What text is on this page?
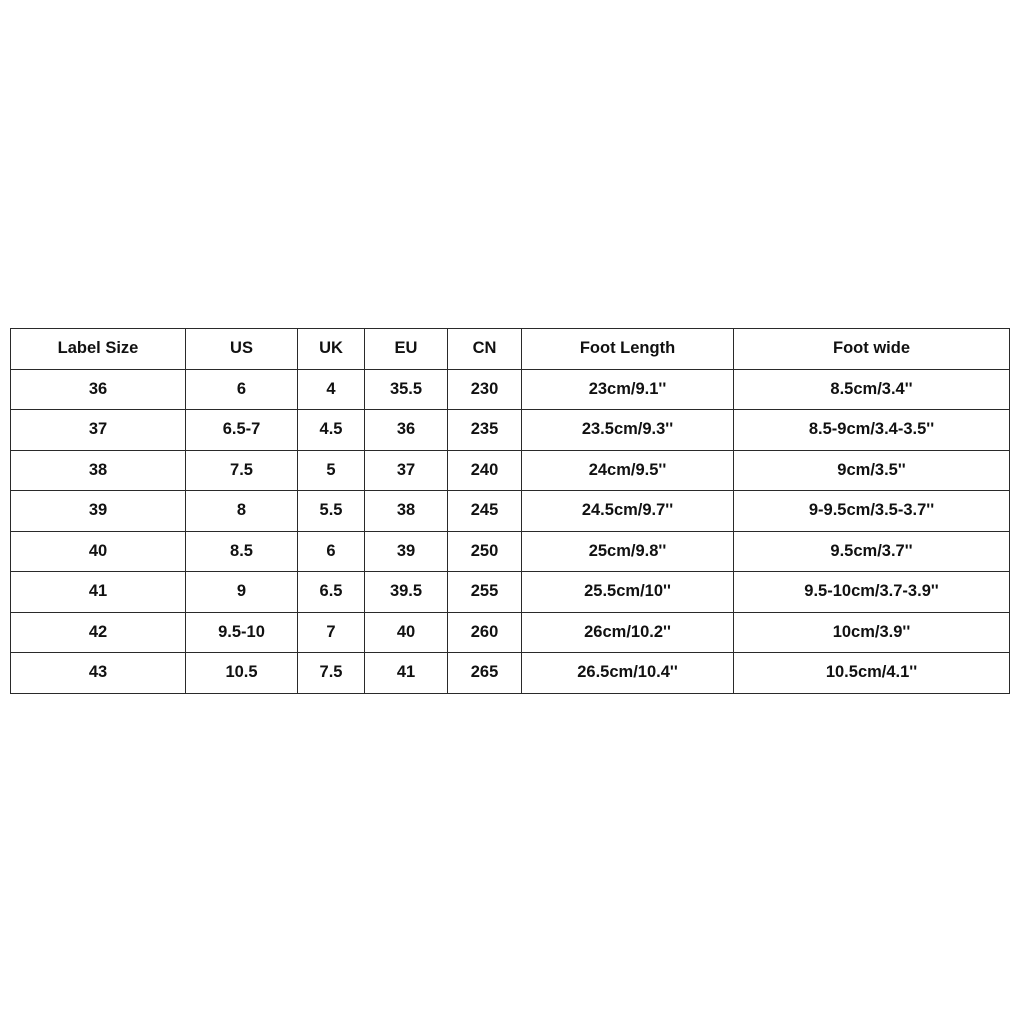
Label Size	US	UK	EU	CN	Foot Length	Foot wide
36	6	4	35.5	230	23cm/9.1''	8.5cm/3.4''
37	6.5-7	4.5	36	235	23.5cm/9.3''	8.5-9cm/3.4-3.5''
38	7.5	5	37	240	24cm/9.5''	9cm/3.5''
39	8	5.5	38	245	24.5cm/9.7''	9-9.5cm/3.5-3.7''
40	8.5	6	39	250	25cm/9.8''	9.5cm/3.7''
41	9	6.5	39.5	255	25.5cm/10''	9.5-10cm/3.7-3.9''
42	9.5-10	7	40	260	26cm/10.2''	10cm/3.9''
43	10.5	7.5	41	265	26.5cm/10.4''	10.5cm/4.1''
